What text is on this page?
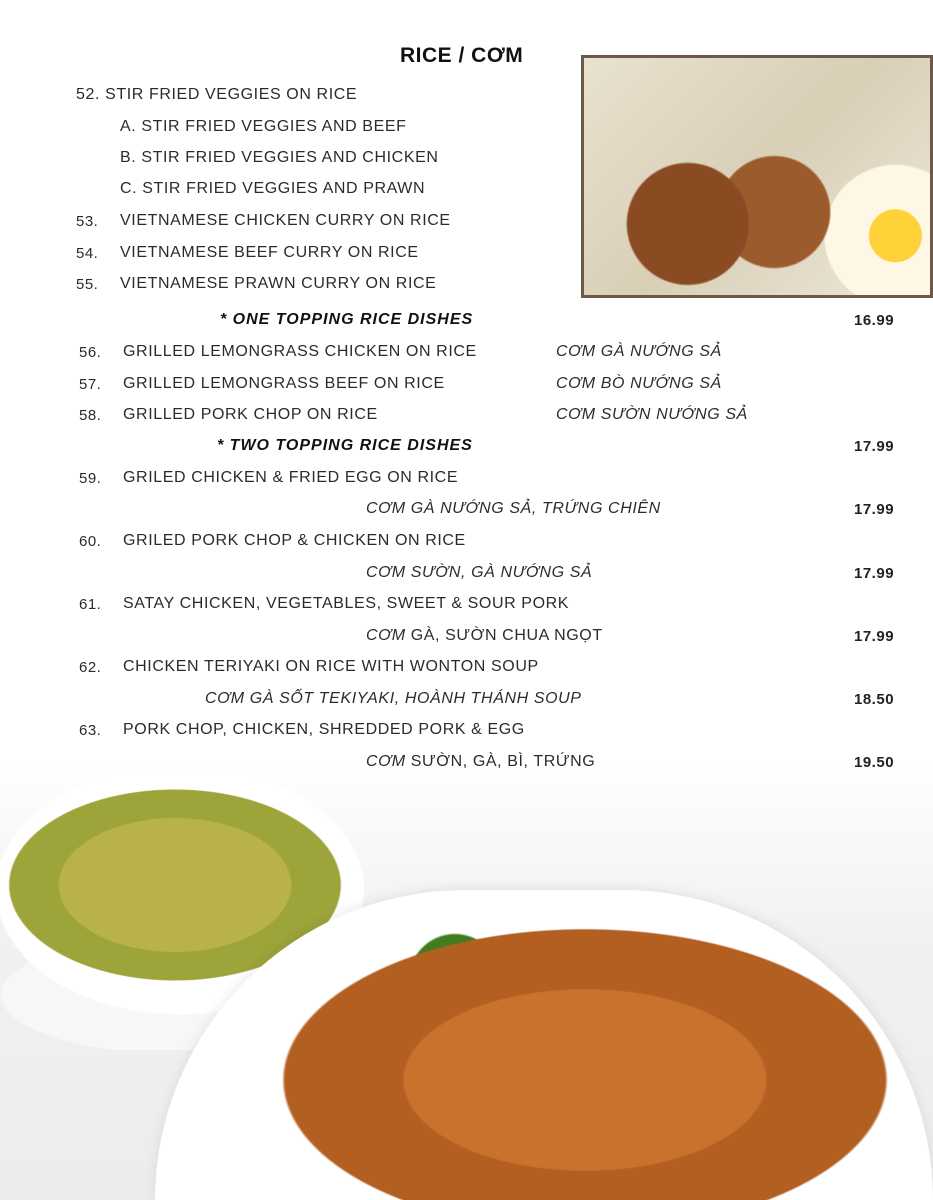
RICE / CƠM
52. STIR FRIED VEGGIES ON RICE
A. STIR FRIED VEGGIES AND BEEF
B. STIR FRIED VEGGIES AND CHICKEN
C. STIR FRIED VEGGIES AND PRAWN
53. VIETNAMESE CHICKEN CURRY ON RICE
54. VIETNAMESE BEEF CURRY ON RICE
55. VIETNAMESE PRAWN CURRY ON RICE
* ONE TOPPING RICE DISHES	16.99
56. GRILLED LEMONGRASS CHICKEN ON RICE	CƠM GÀ NƯỚNG SẢ
57. GRILLED LEMONGRASS BEEF ON RICE	CƠM BÒ NƯỚNG SẢ
58. GRILLED PORK CHOP ON RICE	CƠM SƯỜN NƯỚNG SẢ
* TWO TOPPING RICE DISHES	17.99
59. GRILED CHICKEN & FRIED EGG ON RICE
CƠM GÀ NƯỚNG SẢ, TRỨNG CHIÊN	17.99
60. GRILED PORK CHOP & CHICKEN ON RICE
CƠM SƯỜN, GÀ NƯỚNG SẢ	17.99
61. SATAY CHICKEN, VEGETABLES, SWEET & SOUR PORK
CƠM GÀ, SƯỜN CHUA NGỌT	17.99
62. CHICKEN TERIYAKI ON RICE WITH WONTON SOUP
CƠM GÀ SỐT TEKIYAKI, HOÀNH THÁNH SOUP	18.50
63. PORK CHOP, CHICKEN, SHREDDED PORK & EGG
CƠM SƯỜN, GÀ, BÌ, TRỨNG	19.50
